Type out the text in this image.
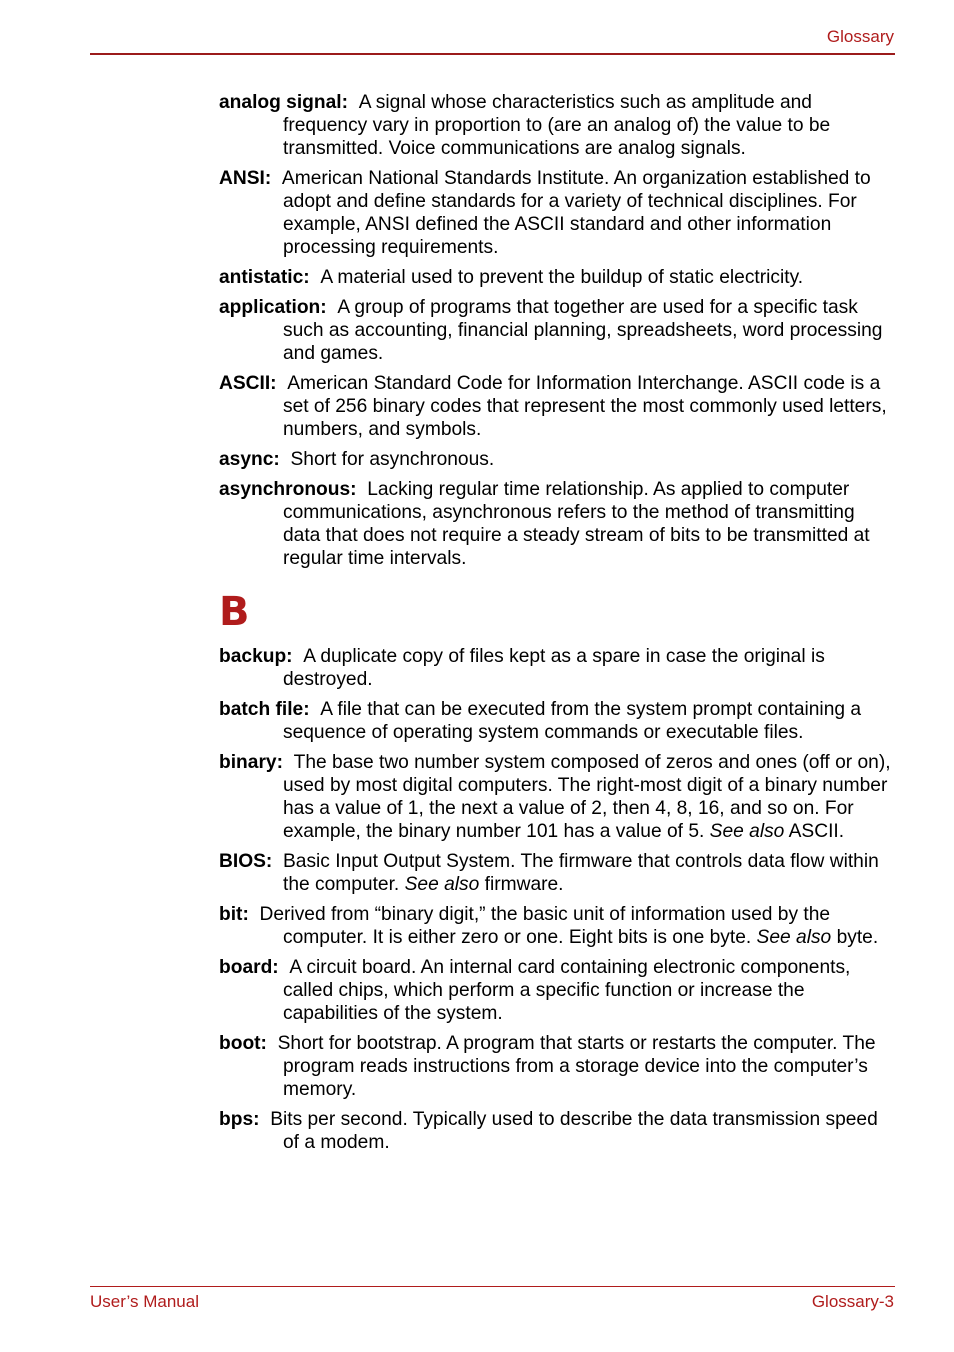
Glossary

analog signal: A signal whose characteristics such as amplitude and frequency vary in proportion to (are an analog of) the value to be transmitted. Voice communications are analog signals.

ANSI: American National Standards Institute. An organization established to adopt and define standards for a variety of technical disciplines. For example, ANSI defined the ASCII standard and other information processing requirements.

antistatic: A material used to prevent the buildup of static electricity.

application: A group of programs that together are used for a specific task such as accounting, financial planning, spreadsheets, word processing and games.

ASCII: American Standard Code for Information Interchange. ASCII code is a set of 256 binary codes that represent the most commonly used letters, numbers, and symbols.

async: Short for asynchronous.

asynchronous: Lacking regular time relationship. As applied to computer communications, asynchronous refers to the method of transmitting data that does not require a steady stream of bits to be transmitted at regular time intervals.

B

backup: A duplicate copy of files kept as a spare in case the original is destroyed.

batch file: A file that can be executed from the system prompt containing a sequence of operating system commands or executable files.

binary: The base two number system composed of zeros and ones (off or on), used by most digital computers. The right-most digit of a binary number has a value of 1, the next a value of 2, then 4, 8, 16, and so on. For example, the binary number 101 has a value of 5. See also ASCII.

BIOS: Basic Input Output System. The firmware that controls data flow within the computer. See also firmware.

bit: Derived from “binary digit,” the basic unit of information used by the computer. It is either zero or one. Eight bits is one byte. See also byte.

board: A circuit board. An internal card containing electronic components, called chips, which perform a specific function or increase the capabilities of the system.

boot: Short for bootstrap. A program that starts or restarts the computer. The program reads instructions from a storage device into the computer’s memory.

bps: Bits per second. Typically used to describe the data transmission speed of a modem.

User’s Manual	Glossary-3
